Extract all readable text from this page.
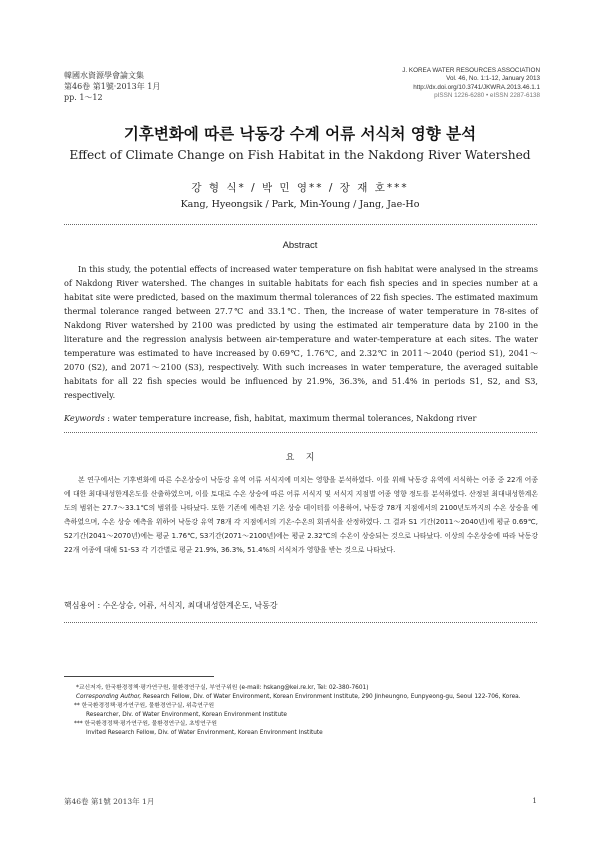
韓國水資源學會論文集
第46卷 第1號·2013年 1月
pp. 1～12
J. KOREA WATER RESOURCES ASSOCIATION
Vol. 46, No. 1:1-12, January 2013
http://dx.doi.org/10.3741/JKWRA.2013.46.1.1
pISSN 1226-6280 • eISSN 2287-6138
기후변화에 따른 낙동강 수계 어류 서식처 영향 분석
Effect of Climate Change on Fish Habitat in the Nakdong River Watershed
강 형 식* / 박 민 영** / 장 재 호***
Kang, Hyeongsik / Park, Min-Young / Jang, Jae-Ho
Abstract

In this study, the potential effects of increased water temperature on fish habitat were analysed in the streams of Nakdong River watershed. The changes in suitable habitats for each fish species and in species number at a habitat site were predicted, based on the maximum thermal tolerances of 22 fish species. The estimated maximum thermal tolerance ranged between 27.7℃ and 33.1℃. Then, the increase of water temperature in 78-sites of Nakdong River watershed by 2100 was predicted by using the estimated air temperature data by 2100 in the literature and the regression analysis between air-temperature and water-temperature at each sites. The water temperature was estimated to have increased by 0.69℃, 1.76℃, and 2.32℃ in 2011～2040 (period S1), 2041～2070 (S2), and 2071～2100 (S3), respectively. With such increases in water temperature, the averaged suitable habitats for all 22 fish species would be influenced by 21.9%, 36.3%, and 51.4% in periods S1, S2, and S3, respectively.

Keywords : water temperature increase, fish, habitat, maximum thermal tolerances, Nakdong river
요    지

본 연구에서는 기후변화에 따른 수온상승이 낙동강 유역 어류 서식지에 미치는 영향을 분석하였다. 이를 위해 낙동강 유역에 서식하는 어종 중 22개 어종에 대한 최대내성한계온도를 산출하였으며, 이를 토대로 수온 상승에 따른 어류 서식지 및 서식지 지점별 어종 영향 정도를 분석하였다. 산정된 최대내성한계온도의 범위는 27.7～33.1℃의 범위를 나타났다. 또한 기존에 예측된 기온 상승 데이터를 이용하여, 낙동강 78개 지점에서의 2100년도까지의 수온 상승을 예측하였으며, 수온 상승 예측을 위하여 낙동강 유역 78개 각 지점에서의 기온-수온의 회귀식을 산정하였다. 그 결과 S1 기간(2011～2040년)에 평균 0.69℃, S2기간(2041～2070년)에는 평균 1.76℃, S3기간(2071～2100년)에는 평균 2.32℃의 수온이 상승되는 것으로 나타났다. 이상의 수온상승에 따라 낙동강 22개 어종에 대해 S1-S3 각 기간별로 평균 21.9%, 36.3%, 51.4%의 서식처가 영향을 받는 것으로 나타났다.

핵심용어 : 수온상승, 어류, 서식지, 최대내성한계온도, 낙동강
*교신저자, 한국환경정책·평가연구원, 물환경연구실, 부연구위원 (e-mail: hskang@kei.re.kr, Tel: 02-380-7601)
Corresponding Author, Research Fellow, Div. of Water Environment, Korean Environment Institute, 290 Jinheungno, Eunpyeong-gu, Seoul 122-706, Korea.
** 한국환경정책·평가연구원, 물환경연구실, 위촉연구원
Researcher, Div. of Water Environment, Korean Environment Institute
*** 한국환경정책·평가연구원, 물환경연구실, 초빙연구원
Invited Research Fellow, Div. of Water Environment, Korean Environment Institute
第46卷 第1號 2013年 1月	1
